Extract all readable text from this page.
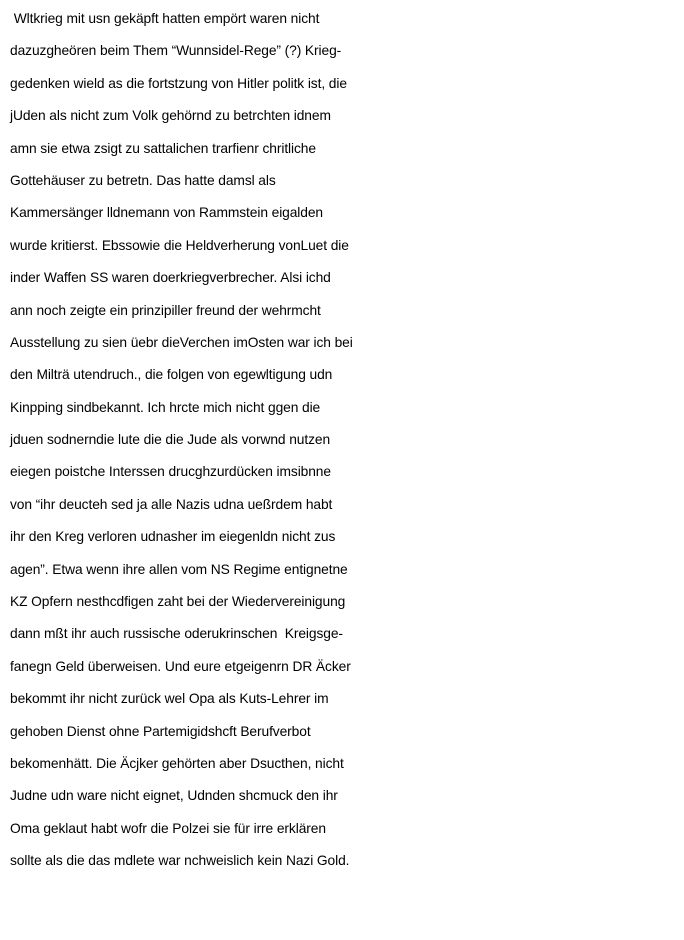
Wltkrieg mit usn gekäpft hatten empört waren nicht
dazuzgheören beim Them “Wunnsidel-Rege” (?) Krieg-
gedenken wield as die fortstzung von Hitler politk ist, die
jUden als nicht zum Volk gehörnd zu betrchten idnem
amn sie etwa zsigt zu sattalichen trarfienr chritliche
Gottehäuser zu betretn. Das hatte damsl als
Kammersänger lldnemann von Rammstein eigalden
wurde kritierst. Ebssowie die Heldverherung vonLuet die
inder Waffen SS waren doerkriegverbrecher. Alsi ichd
ann noch zeigte ein prinzipiller freund der wehrmcht
Ausstellung zu sien üebr dieVerchen imOsten war ich bei
den Milträ utendruch., die folgen von egewltigung udn
Kinpping sindbekannt. Ich hrcte mich nicht ggen die
jduen sodnerndie lute die die Jude als vorwnd nutzen
eiegen poistche Interssen drucghzurdücken imsibnne
von “ihr deucteh sed ja alle Nazis udna ueßrdem habt
ihr den Kreg verloren udnasher im eiegenldn nicht zus
agen”. Etwa wenn ihre allen vom NS Regime entignetne
KZ Opfern nesthcdfigen zaht bei der Wiedervereinigung
dann mßt ihr auch russische oderukrinschen  Kreigsge-
fanegn Geld überweisen. Und eure etgeigenrn DR Äcker
bekommt ihr nicht zurück wel Opa als Kuts-Lehrer im
gehoben Dienst ohne Partemigidshcft Berufverbot
bekomenhätt. Die Äcjker gehörten aber Dsucthen, nicht
Judne udn ware nicht eignet, Udnden shcmuck den ihr
Oma geklaut habt wofr die Polzei sie für irre erklären
sollte als die das mdlete war nchweislich kein Nazi Gold.
